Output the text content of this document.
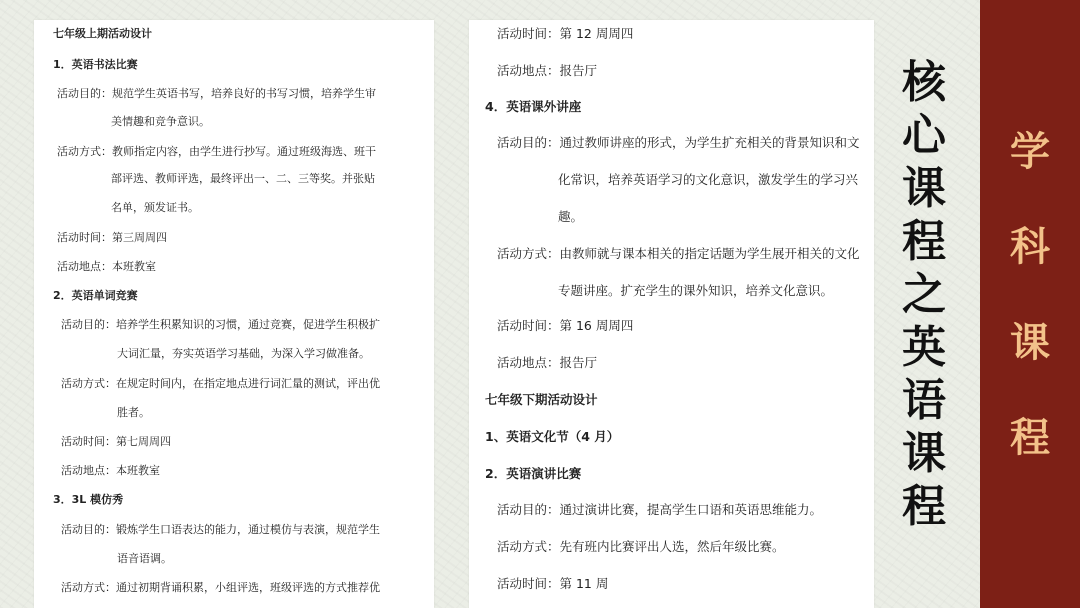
七年级上期活动设计
1．英语书法比赛
活动目的：规范学生英语书写，培养良好的书写习惯，培养学生审
美情趣和竞争意识。
活动方式：教师指定内容，由学生进行抄写。通过班级海选、班干
部评选、教师评选，最终评出一、二、三等奖。并张贴
名单，颁发证书。
活动时间：第三周周四
活动地点：本班教室
2．英语单词竞赛
活动目的：培养学生积累知识的习惯，通过竞赛，促进学生积极扩
大词汇量，夯实英语学习基础，为深入学习做准备。
活动方式：在规定时间内，在指定地点进行词汇量的测试，评出优
胜者。
活动时间：第七周周四
活动地点：本班教室
3．3L 模仿秀
活动目的：锻炼学生口语表达的能力，通过模仿与表演，规范学生
语音语调。
活动方式：通过初期背诵积累，小组评选，班级评选的方式推荐优
活动时间：第 12 周周四
活动地点：报告厅
4．英语课外讲座
活动目的：通过教师讲座的形式，为学生扩充相关的背景知识和文
化常识，培养英语学习的文化意识，激发学生的学习兴
趣。
活动方式：由教师就与课本相关的指定话题为学生展开相关的文化
专题讲座。扩充学生的课外知识，培养文化意识。
活动时间：第 16 周周四
活动地点：报告厅
七年级下期活动设计
1、英语文化节（4 月）
2．英语演讲比赛
活动目的：通过演讲比赛，提高学生口语和英语思维能力。
活动方式：先有班内比赛评出人选，然后年级比赛。
活动时间：第 11 周
核
心
课
程
之
英
语
课
程
学
科
课
程
